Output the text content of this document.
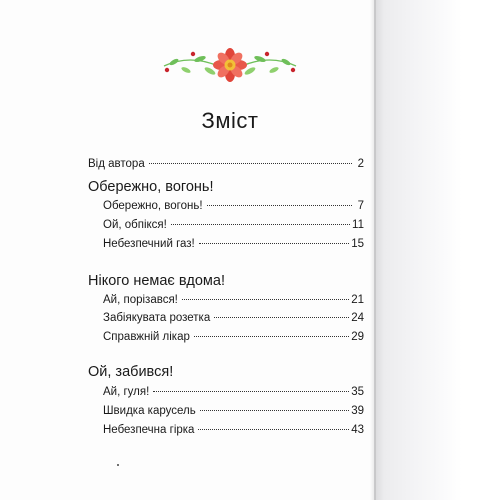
Зміст
Від автора	2
Обережно, вогонь!
Обережно, вогонь!	7
Ой, обпікся!	11
Небезпечний газ!	15
Нікого немає вдома!
Ай, порізався!	21
Забіякувата розетка	24
Справжній лікар	29
Ой, забився!
Ай, гуля!	35
Швидка карусель	39
Небезпечна гірка	43
